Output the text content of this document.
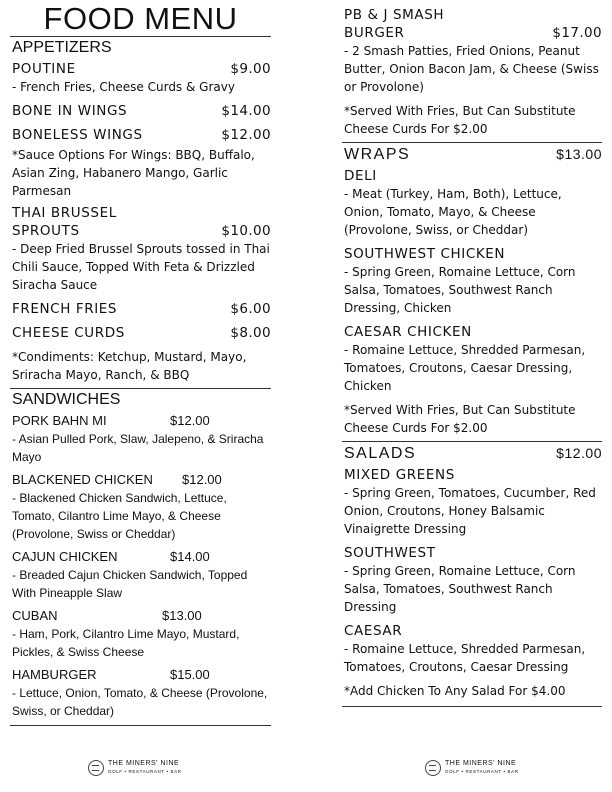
FOOD MENU
APPETIZERS
POUTINE	$9.00
- French Fries, Cheese Curds & Gravy
BONE IN WINGS	$14.00
BONELESS WINGS	$12.00
*Sauce Options For Wings: BBQ, Buffalo, Asian Zing, Habanero Mango, Garlic Parmesan
THAI BRUSSEL
SPROUTS	$10.00
- Deep Fried Brussel Sprouts tossed in Thai Chili Sauce, Topped With Feta & Drizzled Siracha Sauce
FRENCH FRIES	$6.00
CHEESE CURDS	$8.00
*Condiments: Ketchup, Mustard, Mayo, Sriracha Mayo, Ranch, & BBQ
SANDWICHES
PORK BAHN MI	$12.00
- Asian Pulled Pork, Slaw, Jalepeno, & Sriracha Mayo
BLACKENED CHICKEN	$12.00
- Blackened Chicken Sandwich, Lettuce, Tomato, Cilantro Lime Mayo, & Cheese (Provolone, Swiss or Cheddar)
CAJUN CHICKEN	$14.00
- Breaded Cajun Chicken Sandwich, Topped With Pineapple Slaw
CUBAN	$13.00
- Ham, Pork, Cilantro Lime Mayo, Mustard, Pickles, & Swiss Cheese
HAMBURGER	$15.00
- Lettuce, Onion, Tomato, & Cheese (Provolone, Swiss, or Cheddar)
PB & J SMASH
BURGER	$17.00
- 2 Smash Patties, Fried Onions, Peanut Butter, Onion Bacon Jam, & Cheese (Swiss or Provolone)
*Served With Fries, But Can Substitute Cheese Curds For $2.00
WRAPS	$13.00
DELI
- Meat (Turkey, Ham, Both), Lettuce, Onion, Tomato, Mayo, & Cheese (Provolone, Swiss, or Cheddar)
SOUTHWEST CHICKEN
- Spring Green, Romaine Lettuce, Corn Salsa, Tomatoes, Southwest Ranch Dressing, Chicken
CAESAR CHICKEN
- Romaine Lettuce, Shredded Parmesan, Tomatoes, Croutons, Caesar Dressing, Chicken
*Served With Fries, But Can Substitute Cheese Curds For $2.00
SALADS	$12.00
MIXED GREENS
- Spring Green, Tomatoes, Cucumber, Red Onion, Croutons, Honey Balsamic Vinaigrette Dressing
SOUTHWEST
- Spring Green, Romaine Lettuce, Corn Salsa, Tomatoes, Southwest Ranch Dressing
CAESAR
- Romaine Lettuce, Shredded Parmesan, Tomatoes, Croutons, Caesar Dressing
*Add Chicken To Any Salad For $4.00
THE MINERS' NINE
GOLF • RESTAURANT • BAR
THE MINERS' NINE
GOLF • RESTAURANT • BAR
